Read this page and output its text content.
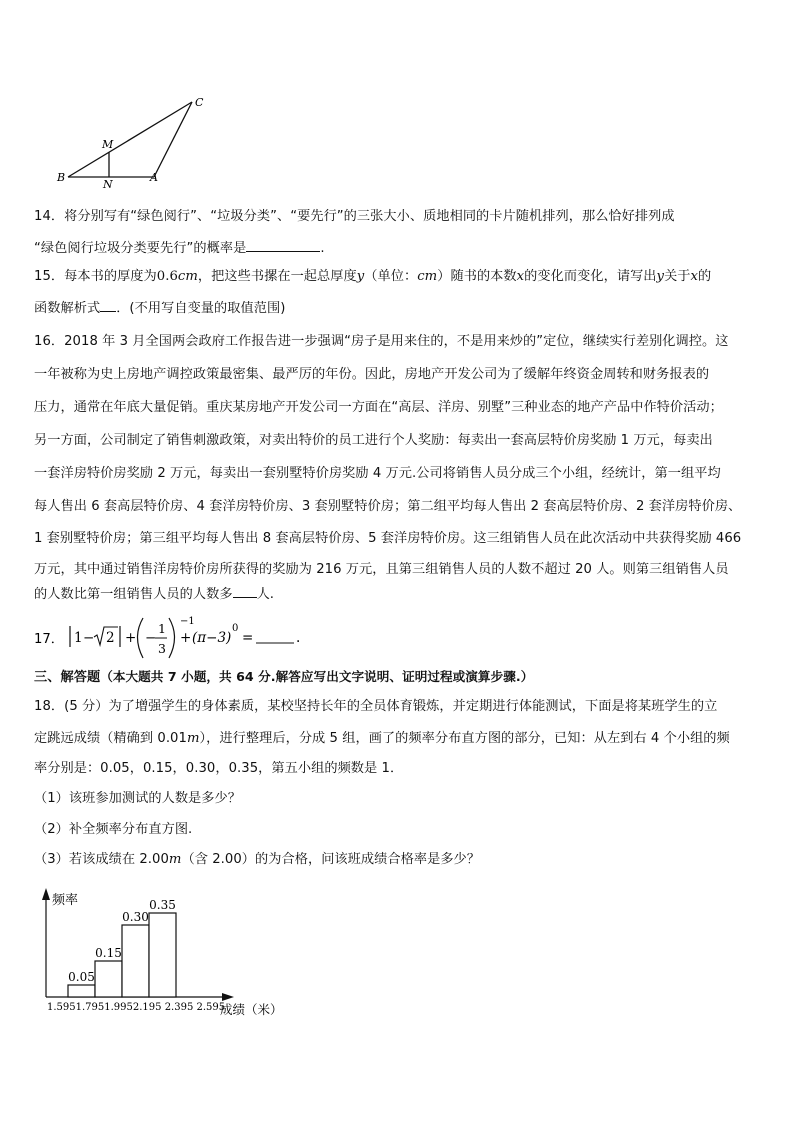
B
N
A
M
C
14．将分别写有“绿色阅行”、“垃圾分类”、“要先行”的三张大小、质地相同的卡片随机排列，那么恰好排列成
“绿色阅行垃圾分类要先行”的概率是	.
15．每本书的厚度为0.6cm，把这些书摞在一起总厚度y（单位：cm）随书的本数x的变化而变化，请写出y关于x的
函数解析式 ．(不用写自变量的取值范围)
16．2018 年 3 月全国两会政府工作报告进一步强调“房子是用来住的，不是用来炒的”定位，继续实行差别化调控。这
一年被称为史上房地产调控政策最密集、最严厉的年份。因此，房地产开发公司为了缓解年终资金周转和财务报表的
压力，通常在年底大量促销。重庆某房地产开发公司一方面在“高层、洋房、别墅”三种业态的地产产品中作特价活动；
另一方面，公司制定了销售刺激政策，对卖出特价的员工进行个人奖励：每卖出一套高层特价房奖励 1 万元，每卖出
一套洋房特价房奖励 2 万元，每卖出一套别墅特价房奖励 4 万元.公司将销售人员分成三个小组，经统计，第一组平均
每人售出 6 套高层特价房、4 套洋房特价房、3 套别墅特价房；第二组平均每人售出 2 套高层特价房、2 套洋房特价房、
1 套别墅特价房；第三组平均每人售出 8 套高层特价房、5 套洋房特价房。这三组销售人员在此次活动中共获得奖励 466
万元，其中通过销售洋房特价房所获得的奖励为 216 万元，且第三组销售人员的人数不超过 20 人。则第三组销售人员
的人数比第一组销售人员的人数多 人.
17． 1 − 2 + −
1
3
−1
+ (π−3)
0
=	.
三、解答题（本大题共 7 小题，共 64 分.解答应写出文字说明、证明过程或演算步骤.）
18．(5 分）为了增强学生的身体素质，某校坚持长年的全员体育锻炼，并定期进行体能测试，下面是将某班学生的立
定跳远成绩（精确到 0.01m），进行整理后，分成 5 组，画了的频率分布直方图的部分，已知：从左到右 4 个小组的频
率分别是：0.05，0.15，0.30，0.35，第五小组的频数是 1．
（1）该班参加测试的人数是多少？
（2）补全频率分布直方图.
（3）若该成绩在 2.00m（含 2.00）的为合格，问该班成绩合格率是多少？
频率
成绩（米）
1.5951.7951.9952.195 2.395 2.595
0.05
0.15
0.30
0.35
